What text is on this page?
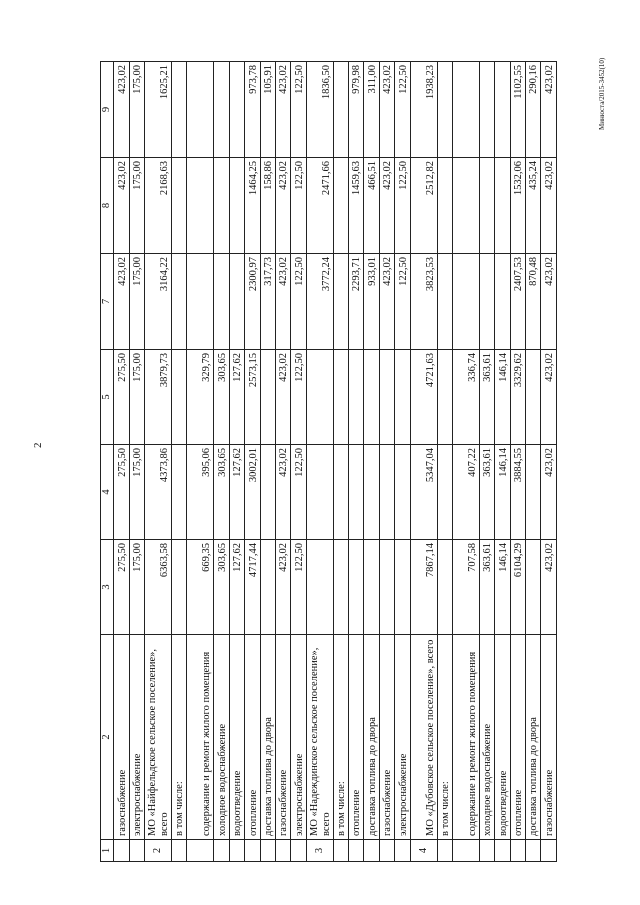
2
Минюста/2015-3452(10)
1	2	3	4	5	7	8	9
	газоснабжение	275,50	275,50	275,50	423,02	423,02	423,02
	электроснабжение	175,00	175,00	175,00	175,00	175,00	175,00
2	МО «Найфельдское сельское поселение», всего	6363,58	4373,86	3879,73	3164,22	2168,63	1625,21
	в том числе:						
	содержание и ремонт жилого помещения	669,35	395,06	329,79			
	холодное водоснабжение	303,65	303,65	303,65			
	водоотведение	127,62	127,62	127,62			
	отопление	4717,44	3002,01	2573,15	2300,97	1464,25	973,78
	доставка топлива до двора				317,73	158,86	105,91
	газоснабжение	423,02	423,02	423,02	423,02	423,02	423,02
	электроснабжение	122,50	122,50	122,50	122,50	122,50	122,50
3	МО «Надеждинское сельское поселение», всего				3772,24	2471,66	1836,50
	в том числе:						
	отопление				2293,71	1459,63	979,98
	доставка топлива до двора				933,01	466,51	311,00
	газоснабжение				423,02	423,02	423,02
	электроснабжение				122,50	122,50	122,50
4	МО «Дубовское сельское поселение», всего	7867,14	5347,04	4721,63	3823,53	2512,82	1938,23
	в том числе:						
	содержание и ремонт жилого помещения	707,58	407,22	336,74			
	холодное водоснабжение	363,61	363,61	363,61			
	водоотведение	146,14	146,14	146,14			
	отопление	6104,29	3884,55	3329,62	2407,53	1532,06	1102,55
	доставка топлива до двора				870,48	435,24	290,16
	газоснабжение	423,02	423,02	423,02	423,02	423,02	423,02
